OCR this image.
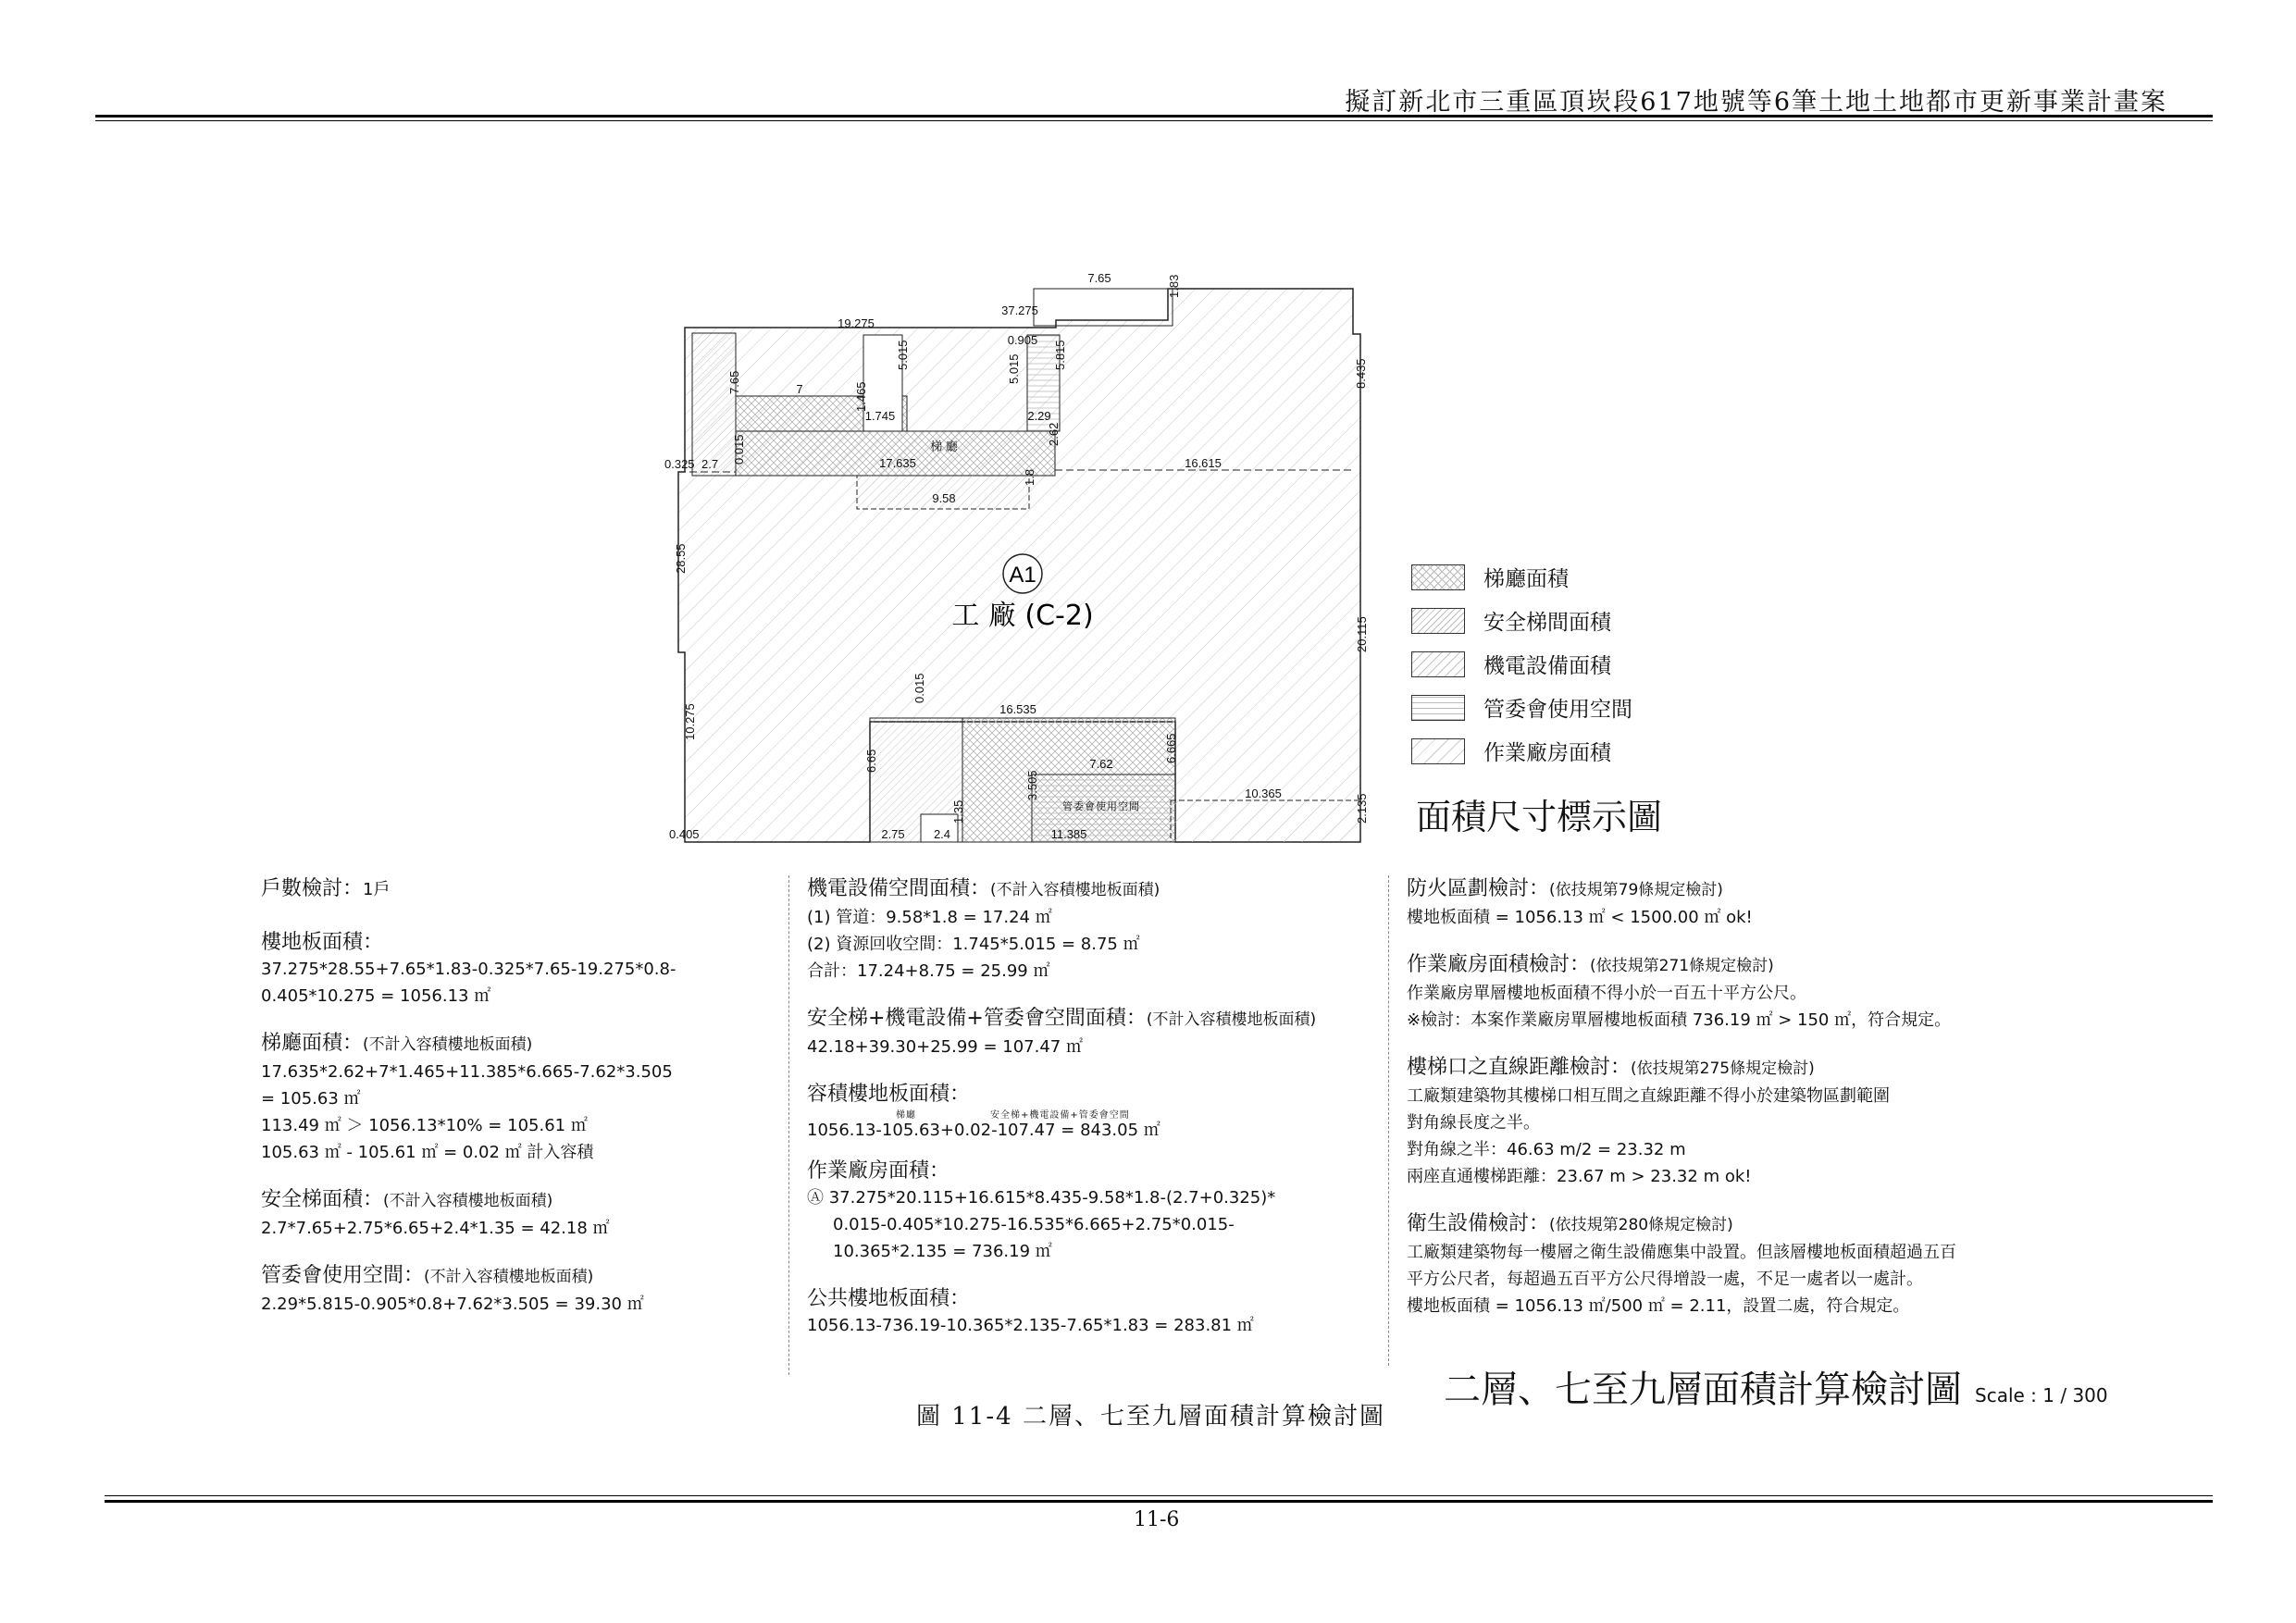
擬訂新北市三重區頂崁段617地號等6筆土地土地都市更新事業計畫案
A1
工 廠 (C-2)
梯 廳
7.65	1.83
37.275
19.275
0.905
7
7.65	1.465
5.015	5.015	5.815
1.745	2.29
8.435
0.325 2.7 0.015	17.635
2.62
16.615
1.8
9.58
28.55
20.115
10.275
0.015
16.535
6.65	7.62
6.665
3.505	10.365	2.135
0.405	2.75 2.4
1.35
11.385
管委會使用空間
梯廳面積
安全梯間面積
機電設備面積
管委會使用空間
作業廠房面積
面積尺寸標示圖
戶數檢討：1戶
樓地板面積：
37.275*28.55+7.65*1.83-0.325*7.65-19.275*0.8-
0.405*10.275 = 1056.13 ㎡
梯廳面積：(不計入容積樓地板面積)
17.635*2.62+7*1.465+11.385*6.665-7.62*3.505
= 105.63 ㎡
113.49 ㎡ ＞ 1056.13*10% = 105.61 ㎡
105.63 ㎡ - 105.61 ㎡ = 0.02 ㎡ 計入容積
安全梯面積：(不計入容積樓地板面積)
2.7*7.65+2.75*6.65+2.4*1.35 = 42.18 ㎡
管委會使用空間：(不計入容積樓地板面積)
2.29*5.815-0.905*0.8+7.62*3.505 = 39.30 ㎡
機電設備空間面積：(不計入容積樓地板面積)
(1) 管道：9.58*1.8 = 17.24 ㎡
(2) 資源回收空間：1.745*5.015 = 8.75 ㎡
合計：17.24+8.75 = 25.99 ㎡
安全梯+機電設備+管委會空間面積：(不計入容積樓地板面積)
42.18+39.30+25.99 = 107.47 ㎡
容積樓地板面積：
梯廳	安全梯+機電設備+管委會空間
1056.13-105.63+0.02-107.47 = 843.05 ㎡
作業廠房面積：
Ⓐ 37.275*20.115+16.615*8.435-9.58*1.8-(2.7+0.325)*
0.015-0.405*10.275-16.535*6.665+2.75*0.015-
10.365*2.135 = 736.19 ㎡
公共樓地板面積：
1056.13-736.19-10.365*2.135-7.65*1.83 = 283.81 ㎡
防火區劃檢討：(依技規第79條規定檢討)
樓地板面積 = 1056.13 ㎡ < 1500.00 ㎡ ok!
作業廠房面積檢討：(依技規第271條規定檢討)
作業廠房單層樓地板面積不得小於一百五十平方公尺。
※檢討：本案作業廠房單層樓地板面積 736.19 ㎡ > 150 ㎡，符合規定。
樓梯口之直線距離檢討：(依技規第275條規定檢討)
工廠類建築物其樓梯口相互間之直線距離不得小於建築物區劃範圍
對角線長度之半。
對角線之半：46.63 m/2 = 23.32 m
兩座直通樓梯距離：23.67 m > 23.32 m ok!
衛生設備檢討：(依技規第280條規定檢討)
工廠類建築物每一樓層之衛生設備應集中設置。但該層樓地板面積超過五百
平方公尺者，每超過五百平方公尺得增設一處，不足一處者以一處計。
樓地板面積 = 1056.13 ㎡/500 ㎡ = 2.11，設置二處，符合規定。
二層、七至九層面積計算檢討圖 Scale : 1 / 300
圖 11-4 二層、七至九層面積計算檢討圖
11-6
